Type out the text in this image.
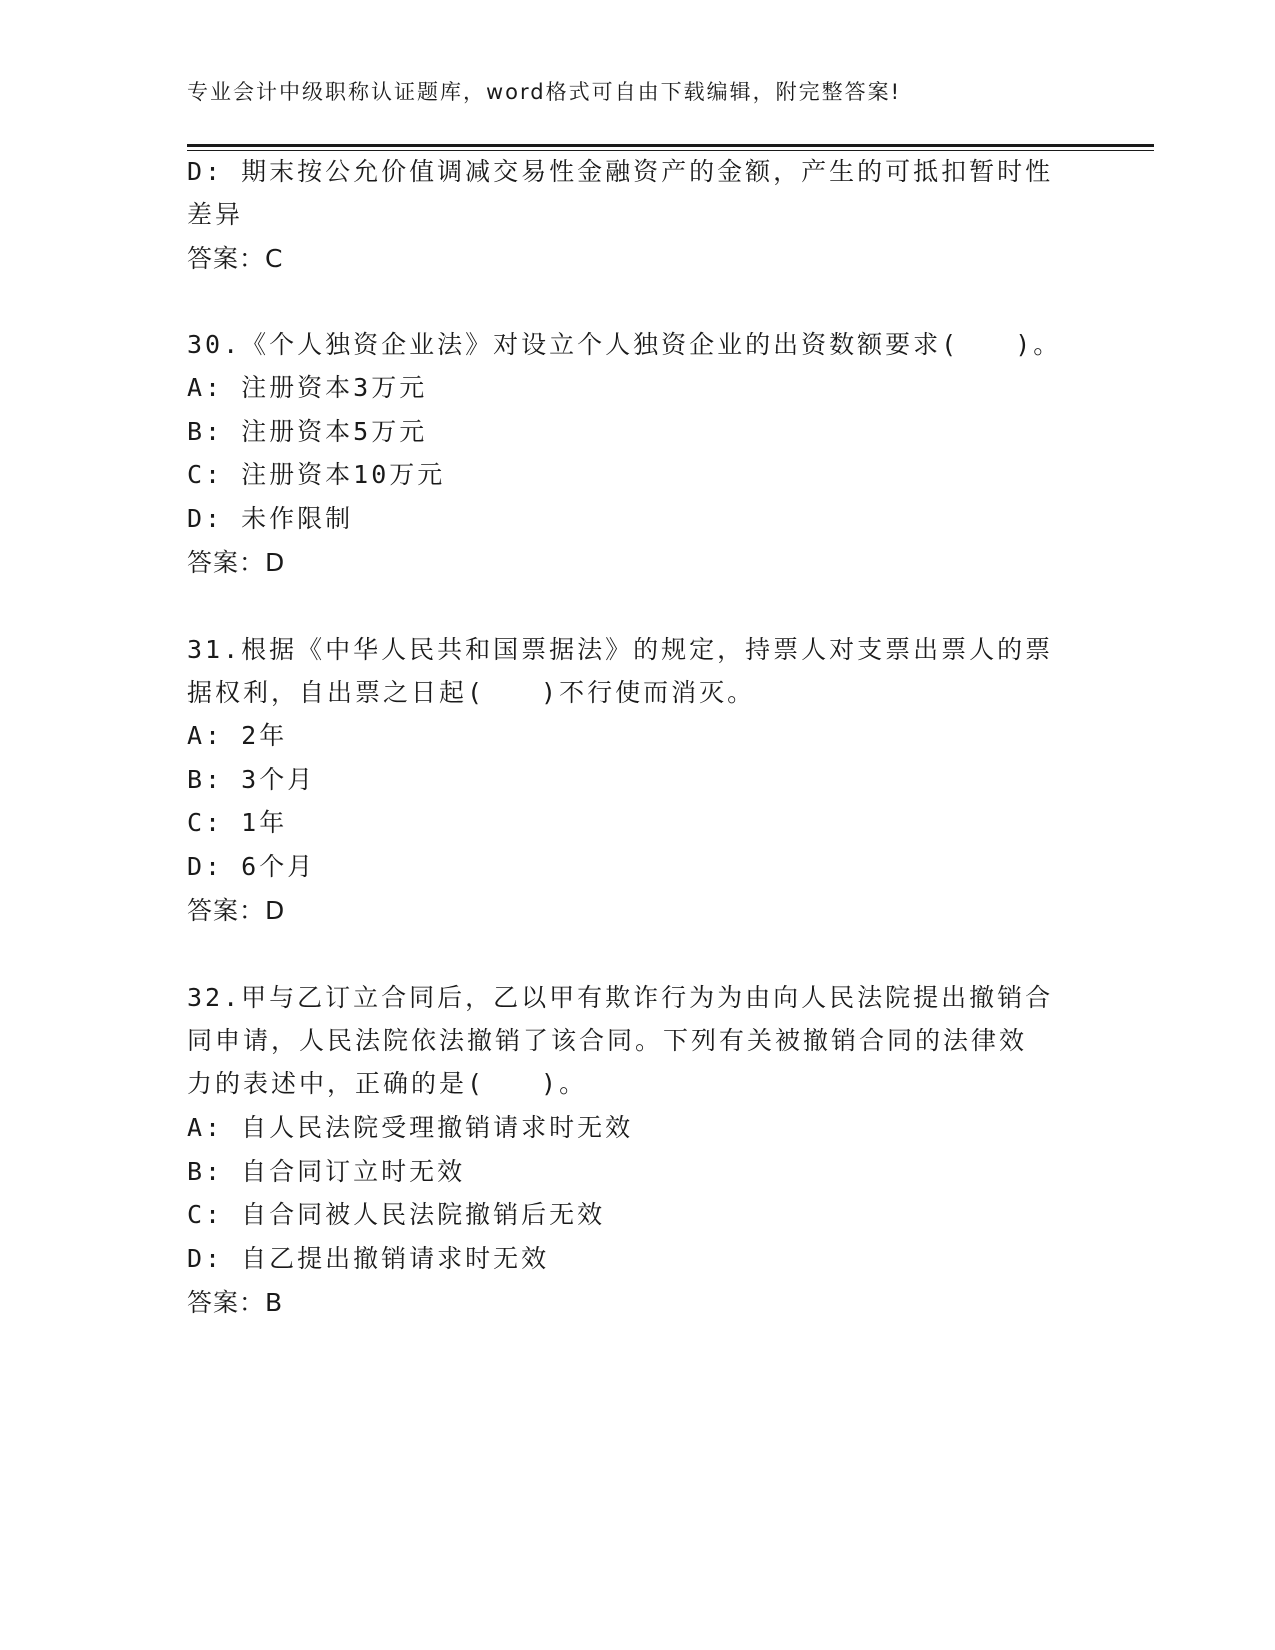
专业会计中级职称认证题库，word格式可自由下载编辑，附完整答案!
D: 期末按公允价值调减交易性金融资产的金额，产生的可抵扣暂时性
差异
答案：C
30.《个人独资企业法》对设立个人独资企业的出资数额要求(　　)。
A: 注册资本3万元
B: 注册资本5万元
C: 注册资本10万元
D: 未作限制
答案：D
31.根据《中华人民共和国票据法》的规定，持票人对支票出票人的票
据权利，自出票之日起(　　)不行使而消灭。
A: 2年
B: 3个月
C: 1年
D: 6个月
答案：D
32.甲与乙订立合同后，乙以甲有欺诈行为为由向人民法院提出撤销合
同申请，人民法院依法撤销了该合同。下列有关被撤销合同的法律效
力的表述中，正确的是(　　)。
A: 自人民法院受理撤销请求时无效
B: 自合同订立时无效
C: 自合同被人民法院撤销后无效
D: 自乙提出撤销请求时无效
答案：B
